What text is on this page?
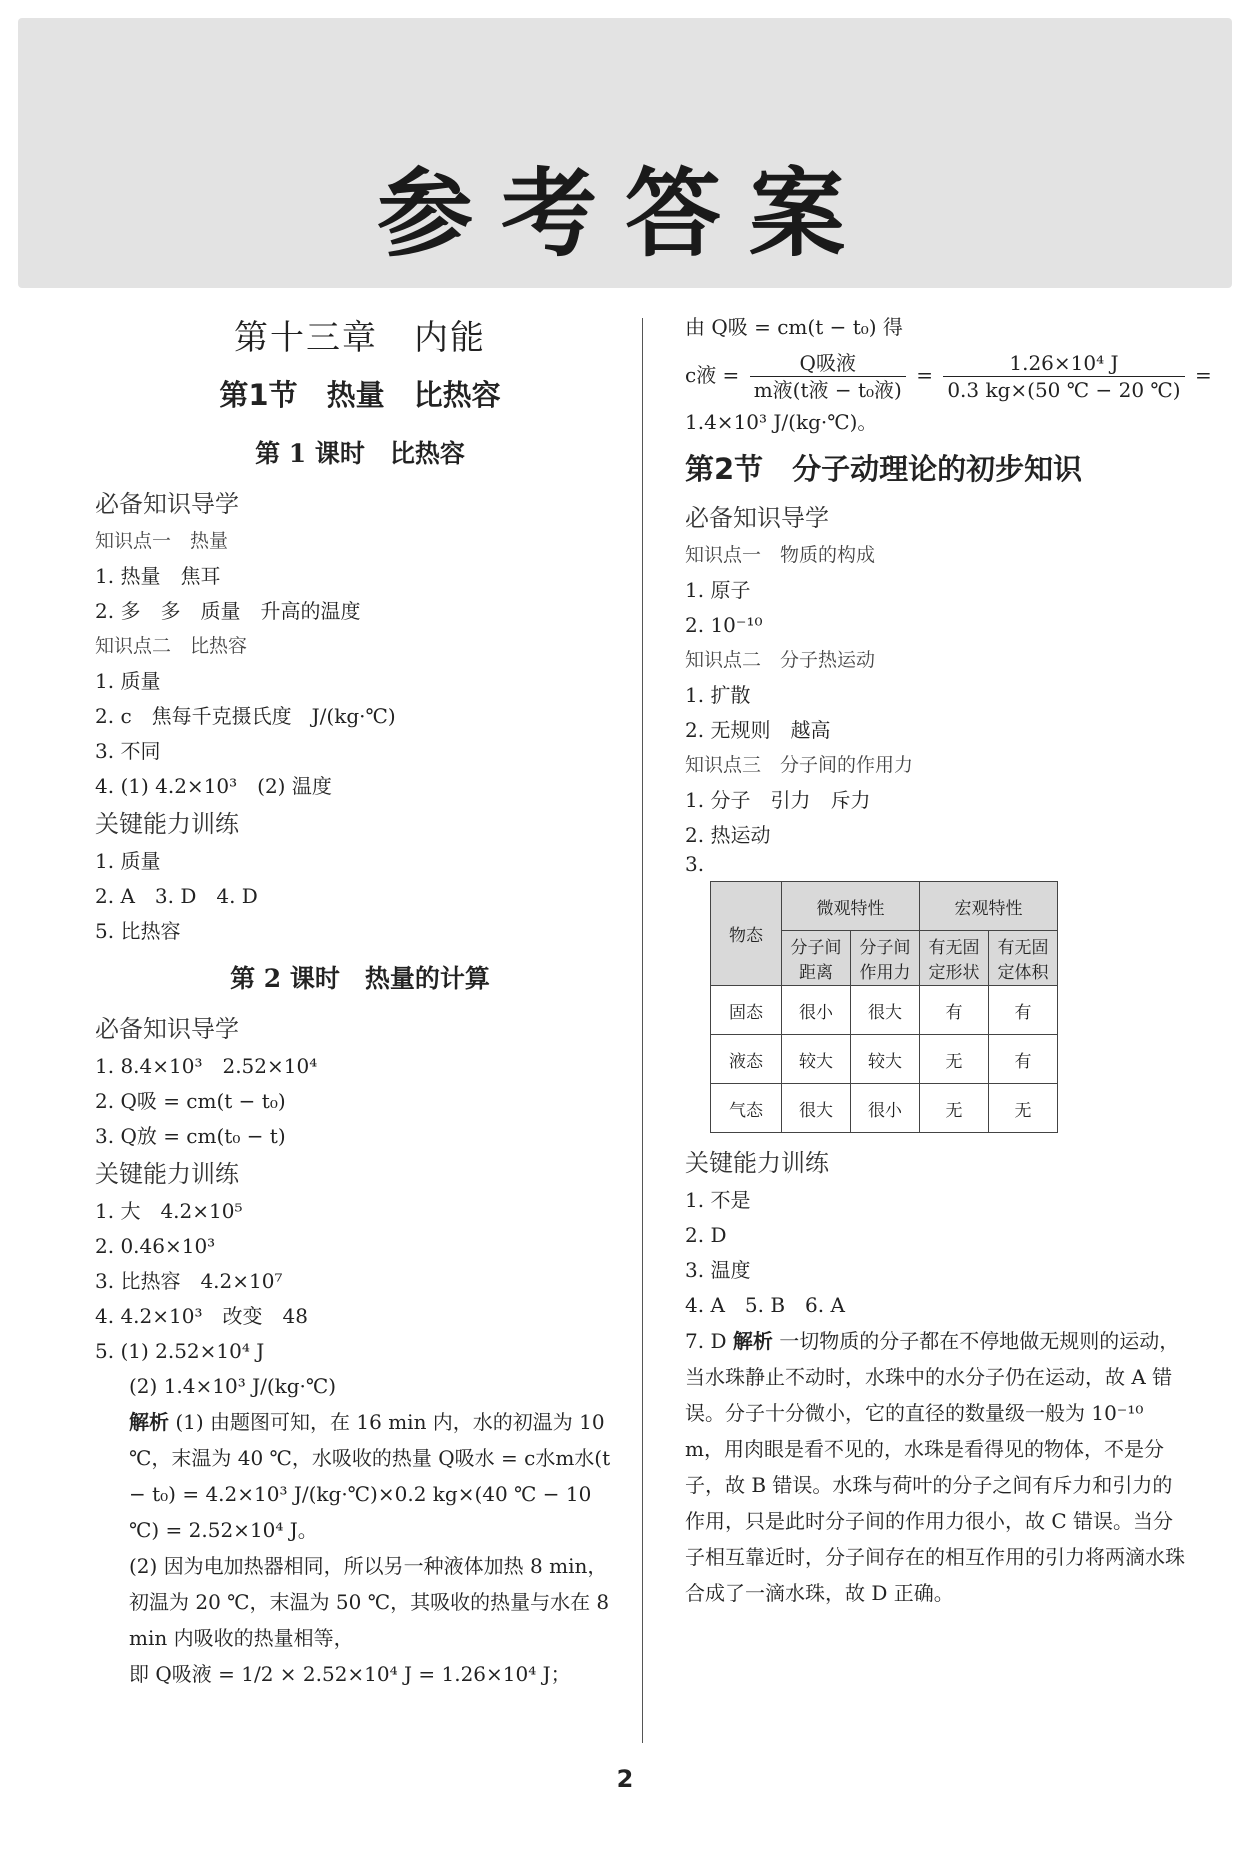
参考答案
第十三章　内能
第1节　热量　比热容
第 1 课时　比热容
必备知识导学
知识点一　热量
1. 热量　焦耳
2. 多　多　质量　升高的温度
知识点二　比热容
1. 质量
2. c　焦每千克摄氏度　J/(kg·℃)
3. 不同
4. (1) 4.2×10³　(2) 温度
关键能力训练
1. 质量
2. A　3. D　4. D
5. 比热容
第 2 课时　热量的计算
必备知识导学
1. 8.4×10³　2.52×10⁴
2. Q吸 = cm(t − t₀)
3. Q放 = cm(t₀ − t)
关键能力训练
1. 大　4.2×10⁵
2. 0.46×10³
3. 比热容　4.2×10⁷
4. 4.2×10³　改变　48
5. (1) 2.52×10⁴ J
(2) 1.4×10³ J/(kg·℃)
解析 (1) 由题图可知，在 16 min 内，水的初温为 10 ℃，末温为 40 ℃，水吸收的热量 Q吸水 = c水m水(t − t₀) = 4.2×10³ J/(kg·℃)×0.2 kg×(40 ℃ − 10 ℃) = 2.52×10⁴ J。
(2) 因为电加热器相同，所以另一种液体加热 8 min，初温为 20 ℃，末温为 50 ℃，其吸收的热量与水在 8 min 内吸收的热量相等，
即 Q吸液 = 1/2 × 2.52×10⁴ J = 1.26×10⁴ J；
由 Q吸 = cm(t − t₀) 得
c液 = $\frac{\text{Q吸液}}{\text{m液(t液 − t₀液)}} = \frac{\text{1.26×10⁴ J}}{0.3 kg\times(50 ℃ - 20 ℃)}$ =
1.4×10³ J/(kg·℃)。
第2节　分子动理论的初步知识
必备知识导学
知识点一　物质的构成
1. 原子
2. 10⁻¹⁰
知识点二　分子热运动
1. 扩散
2. 无规则　越高
知识点三　分子间的作用力
1. 分子　引力　斥力
2. 热运动
3.
物态	微观特性		宏观特性	
	分子间距离	分子间作用力	有无固定形状	有无固定体积
固态	很小	很大	有	有
液态	较大	较大	无	有
气态	很大	很小	无	无
关键能力训练
1. 不是
2. D
3. 温度
4. A　5. B　6. A
7. D 解析 一切物质的分子都在不停地做无规则的运动，当水珠静止不动时，水珠中的水分子仍在运动，故 A 错误。分子十分微小，它的直径的数量级一般为 10⁻¹⁰ m，用肉眼是看不见的，水珠是看得见的物体，不是分子，故 B 错误。水珠与荷叶的分子之间有斥力和引力的作用，只是此时分子间的作用力很小，故 C 错误。当分子相互靠近时，分子间存在的相互作用的引力将两滴水珠合成了一滴水珠，故 D 正确。
2
